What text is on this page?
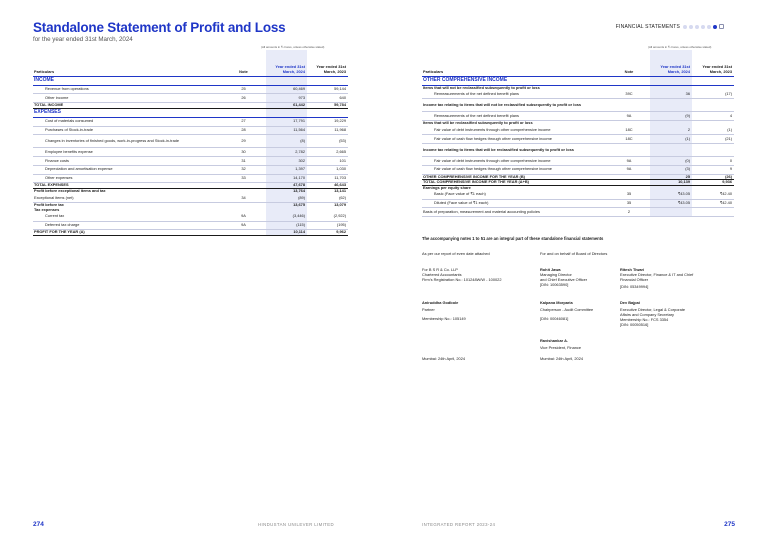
Standalone Statement of Profit and Loss
for the year ended 31st March, 2024
(All amounts in ₹ crores, unless otherwise stated)
Particulars	Note	Year ended 31st March, 2024	Year ended 31st March, 2023
INCOME			
Revenue from operations	25	60,469	59,144
Other income	26	973	640
TOTAL INCOME		61,442	59,784
EXPENSES			
Cost of materials consumed	27	17,791	19,229
Purchases of Stock-in-trade	28	11,564	11,968
Changes in inventories of finished goods, work-in-progress and Stock-in-trade	29	(8)	(53)
Employee benefits expense	30	2,782	2,665
Finance costs	31	302	101
Depreciation and amortisation expense	32	1,397	1,030
Other expenses	33	14,170	11,703
TOTAL EXPENSES		47,678	46,643
Profit before exceptional items and tax		13,764	13,141
Exceptional items (net)	34	(89)	(62)
Profit before tax		13,675	13,079
Tax expenses			
Current tax	9A	(3,446)	(2,922)
Deferred tax charge	9A	(115)	(195)
PROFIT FOR THE YEAR (A)		10,114	9,962
274	HINDUSTAN UNILEVER LIMITED
FINANCIAL STATEMENTS
(All amounts in ₹ crores, unless otherwise stated)
Particulars	Note	Year ended 31st March, 2024	Year ended 31st March, 2023
OTHER COMPREHENSIVE INCOME			
Items that will not be reclassified subsequently to profit or loss			
Remeasurements of the net defined benefit plans	39C	36	(17)
Income tax relating to items that will not be reclassified subsequently to profit or loss			
Remeasurements of the net defined benefit plans	9A	(9)	4
Items that will be reclassified subsequently to profit or loss			
Fair value of debt instruments through other comprehensive income	18C	2	(1)
Fair value of cash flow hedges through other comprehensive income	18C	(1)	(21)
Income tax relating to items that will be reclassified subsequently to profit or loss			
Fair value of debt instruments through other comprehensive income	9A	(0)	0
Fair value of cash flow hedges through other comprehensive income	9A	(3)	9
OTHER COMPREHENSIVE INCOME FOR THE YEAR (B)		25	(26)
TOTAL COMPREHENSIVE INCOME FOR THE YEAR (A+B)		10,139	9,936
Earnings per equity share			
Basic (Face value of ₹1 each)	35	₹43.05	₹42.40
Diluted (Face value of ₹1 each)	35	₹43.05	₹42.40
Basis of preparation, measurement and material accounting policies	2		
The accompanying notes 1 to 51 are an integral part of these standalone financial statements
As per our report of even date attached	For and on behalf of Board of Directors
For B S R & Co. LLP
Chartered Accountants
Firm’s Registration No.: 101248W/W - 100022
Aniruddha Godbole
Partner
Membership No.: 105149
Rohit Jawa
Managing Director
and Chief Executive Officer
[DIN: 10063590]
Ritesh Tiwari
Executive Director, Finance & IT and Chief
Financial Officer
[DIN: 05349994]
Kalpana Morparia
Chairperson - Audit Committee
[DIN: 00046081]
Dev Bajpai
Executive Director, Legal & Corporate
Affairs and Company Secretary
Membership No.: FCS 3354
[DIN: 00050516]
Ravishankar A.
Vice President, Finance
Mumbai: 24th April, 2024	Mumbai: 24th April, 2024
INTEGRATED REPORT 2023-24	275
